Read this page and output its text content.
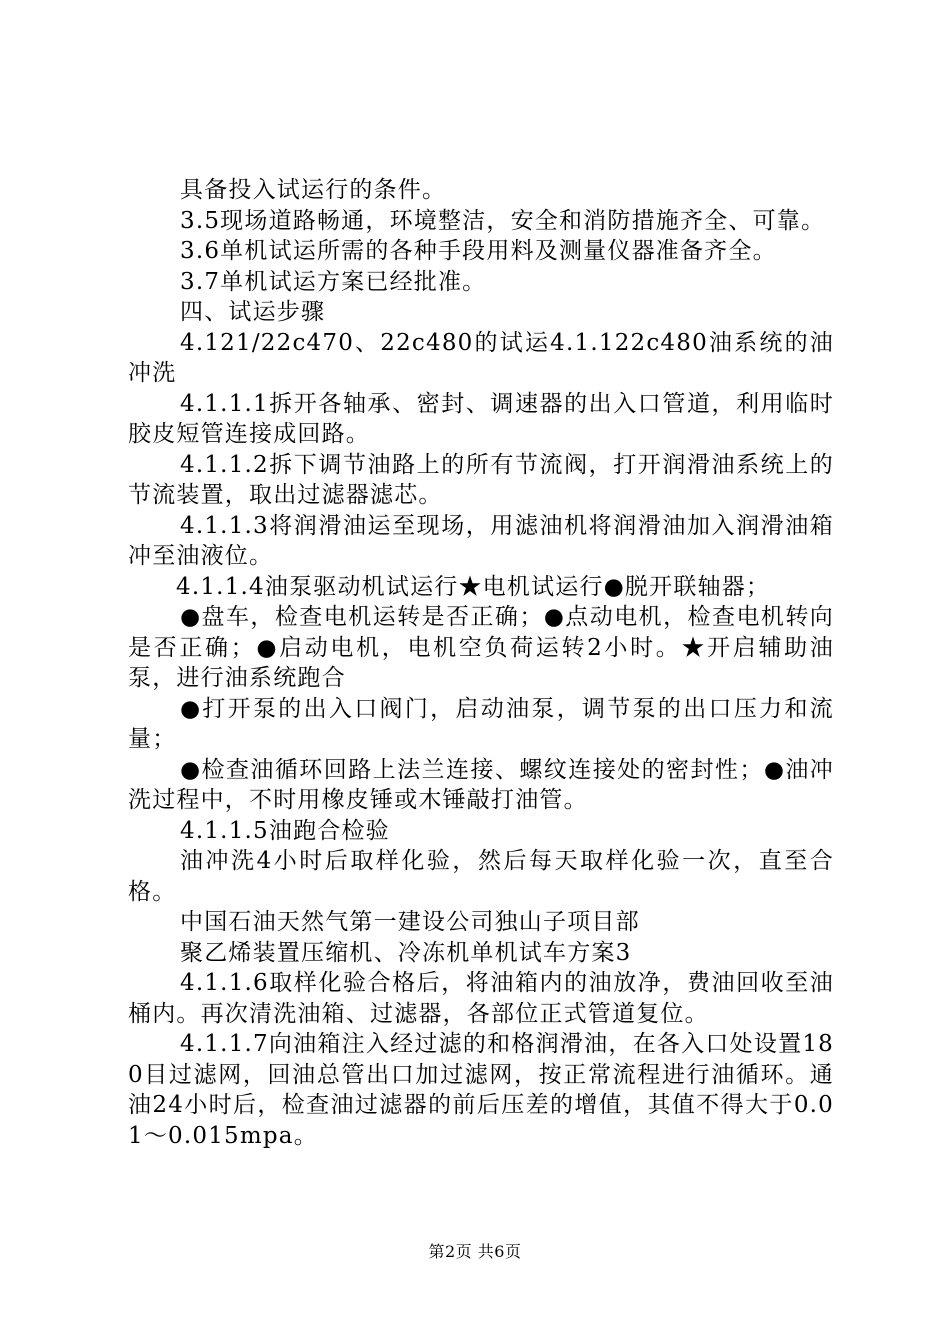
具备投入试运行的条件。

3.5现场道路畅通，环境整洁，安全和消防措施齐全、可靠。

3.6单机试运所需的各种手段用料及测量仪器准备齐全。

3.7单机试运方案已经批准。

四、试运步骤

4.121/22c470、22c480的试运4.1.122c480油系统的油冲洗

4.1.1.1拆开各轴承、密封、调速器的出入口管道，利用临时胶皮短管连接成回路。

4.1.1.2拆下调节油路上的所有节流阀，打开润滑油系统上的节流装置，取出过滤器滤芯。

4.1.1.3将润滑油运至现场，用滤油机将润滑油加入润滑油箱冲至油液位。

4.1.1.4油泵驱动机试运行★电机试运行●脱开联轴器；

●盘车，检查电机运转是否正确；●点动电机，检查电机转向是否正确；●启动电机，电机空负荷运转2小时。★开启辅助油泵，进行油系统跑合

●打开泵的出入口阀门，启动油泵，调节泵的出口压力和流量；

●检查油循环回路上法兰连接、螺纹连接处的密封性；●油冲洗过程中，不时用橡皮锤或木锤敲打油管。

4.1.1.5油跑合检验

油冲洗4小时后取样化验，然后每天取样化验一次，直至合格。

中国石油天然气第一建设公司独山子项目部

聚乙烯装置压缩机、冷冻机单机试车方案3

4.1.1.6取样化验合格后，将油箱内的油放净，费油回收至油桶内。再次清洗油箱、过滤器，各部位正式管道复位。

4.1.1.7向油箱注入经过滤的和格润滑油，在各入口处设置180目过滤网，回油总管出口加过滤网，按正常流程进行油循环。通油24小时后，检查油过滤器的前后压差的增值，其值不得大于0.01～0.015mpa。

第2页 共6页
